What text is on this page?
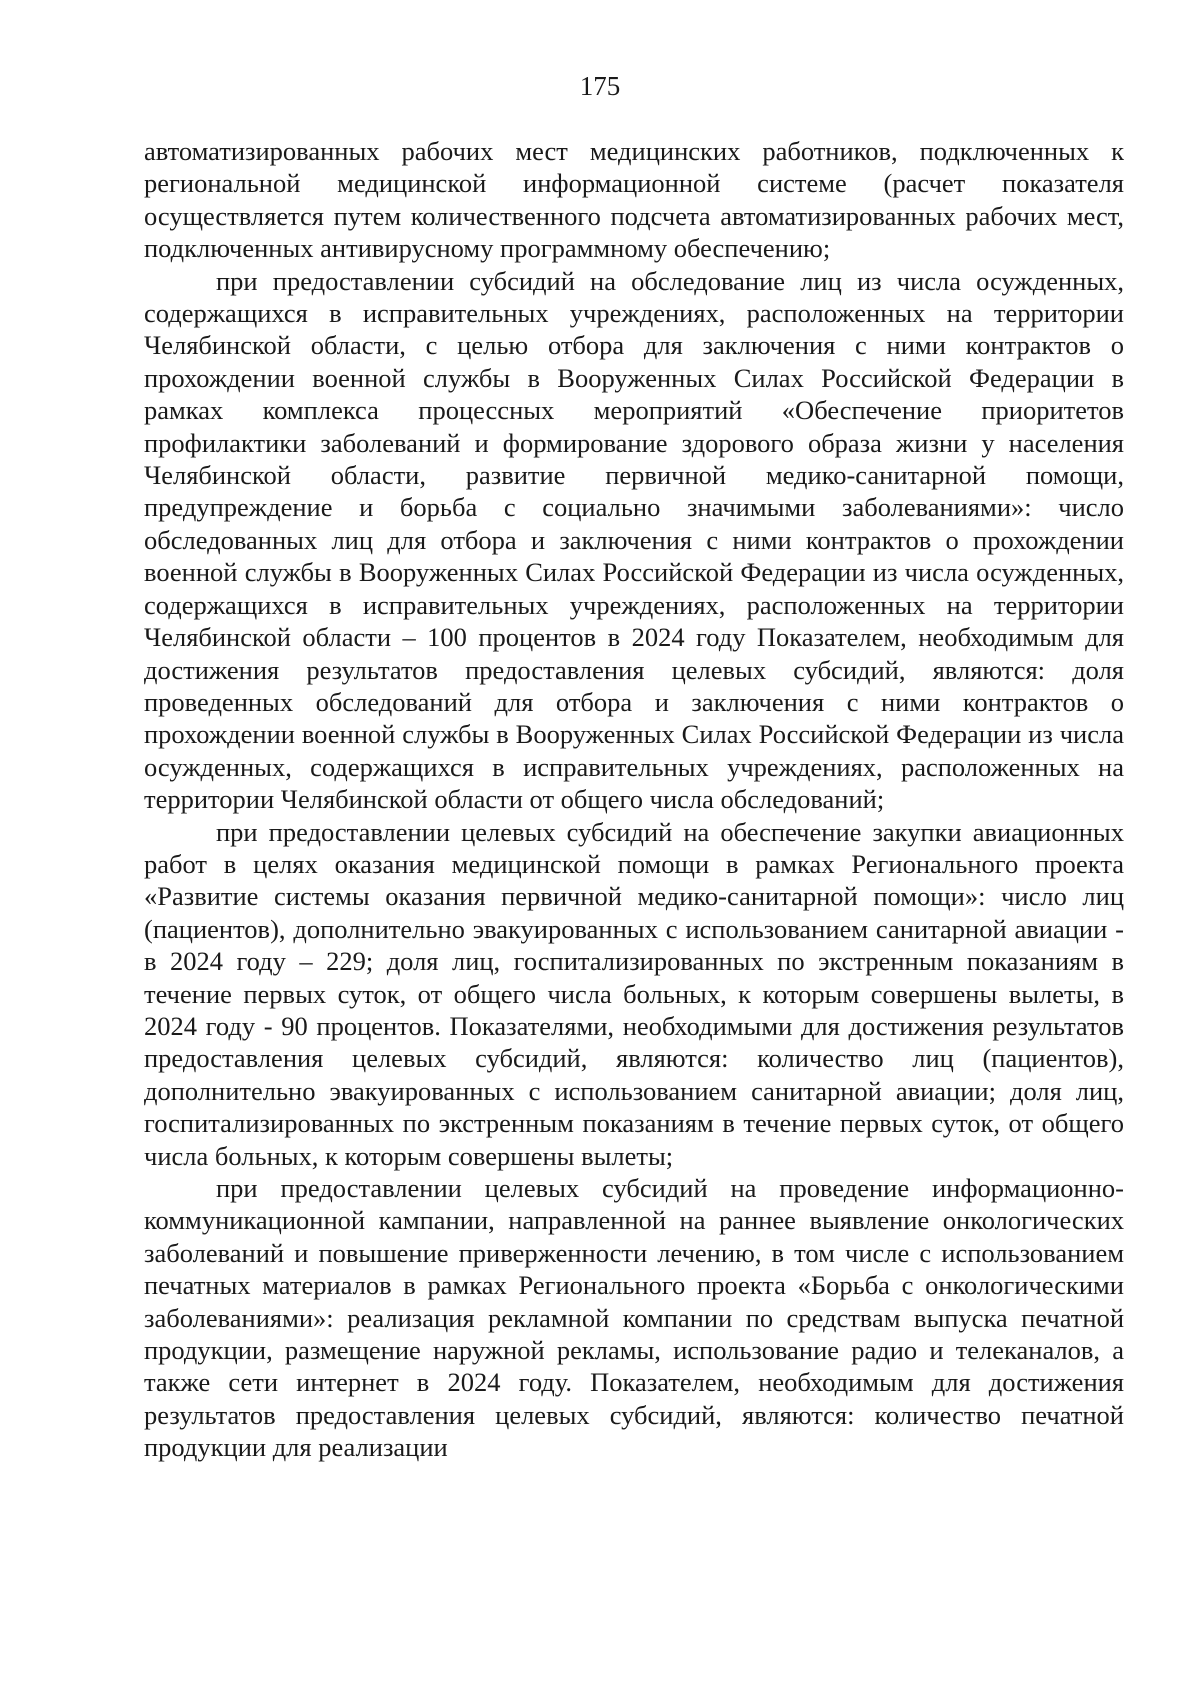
175

автоматизированных рабочих мест медицинских работников, подключенных к региональной медицинской информационной системе (расчет показателя осуществляется путем количественного подсчета автоматизированных рабочих мест, подключенных антивирусному программному обеспечению;

при предоставлении субсидий на обследование лиц из числа осужденных, содержащихся в исправительных учреждениях, расположенных на территории Челябинской области, с целью отбора для заключения с ними контрактов о прохождении военной службы в Вооруженных Силах Российской Федерации в рамках комплекса процессных мероприятий «Обеспечение приоритетов профилактики заболеваний и формирование здорового образа жизни у населения Челябинской области, развитие первичной медико-санитарной помощи, предупреждение и борьба с социально значимыми заболеваниями»: число обследованных лиц для отбора и заключения с ними контрактов о прохождении военной службы в Вооруженных Силах Российской Федерации из числа осужденных, содержащихся в исправительных учреждениях, расположенных на территории Челябинской области – 100 процентов в 2024 году Показателем, необходимым для достижения результатов предоставления целевых субсидий, являются: доля проведенных обследований для отбора и заключения с ними контрактов о прохождении военной службы в Вооруженных Силах Российской Федерации из числа осужденных, содержащихся в исправительных учреждениях, расположенных на территории Челябинской области от общего числа обследований;

при предоставлении целевых субсидий на обеспечение закупки авиационных работ в целях оказания медицинской помощи в рамках Регионального проекта «Развитие системы оказания первичной медико-санитарной помощи»: число лиц (пациентов), дополнительно эвакуированных с использованием санитарной авиации - в 2024 году – 229; доля лиц, госпитализированных по экстренным показаниям в течение первых суток, от общего числа больных, к которым совершены вылеты, в 2024 году - 90 процентов. Показателями, необходимыми для достижения результатов предоставления целевых субсидий, являются: количество лиц (пациентов), дополнительно эвакуированных с использованием санитарной авиации; доля лиц, госпитализированных по экстренным показаниям в течение первых суток, от общего числа больных, к которым совершены вылеты;

при предоставлении целевых субсидий на проведение информационно-коммуникационной кампании, направленной на раннее выявление онкологических заболеваний и повышение приверженности лечению, в том числе с использованием печатных материалов в рамках Регионального проекта «Борьба с онкологическими заболеваниями»: реализация рекламной компании по средствам выпуска печатной продукции, размещение наружной рекламы, использование радио и телеканалов, а также сети интернет в 2024 году. Показателем, необходимым для достижения результатов предоставления целевых субсидий, являются: количество печатной продукции для реализации
